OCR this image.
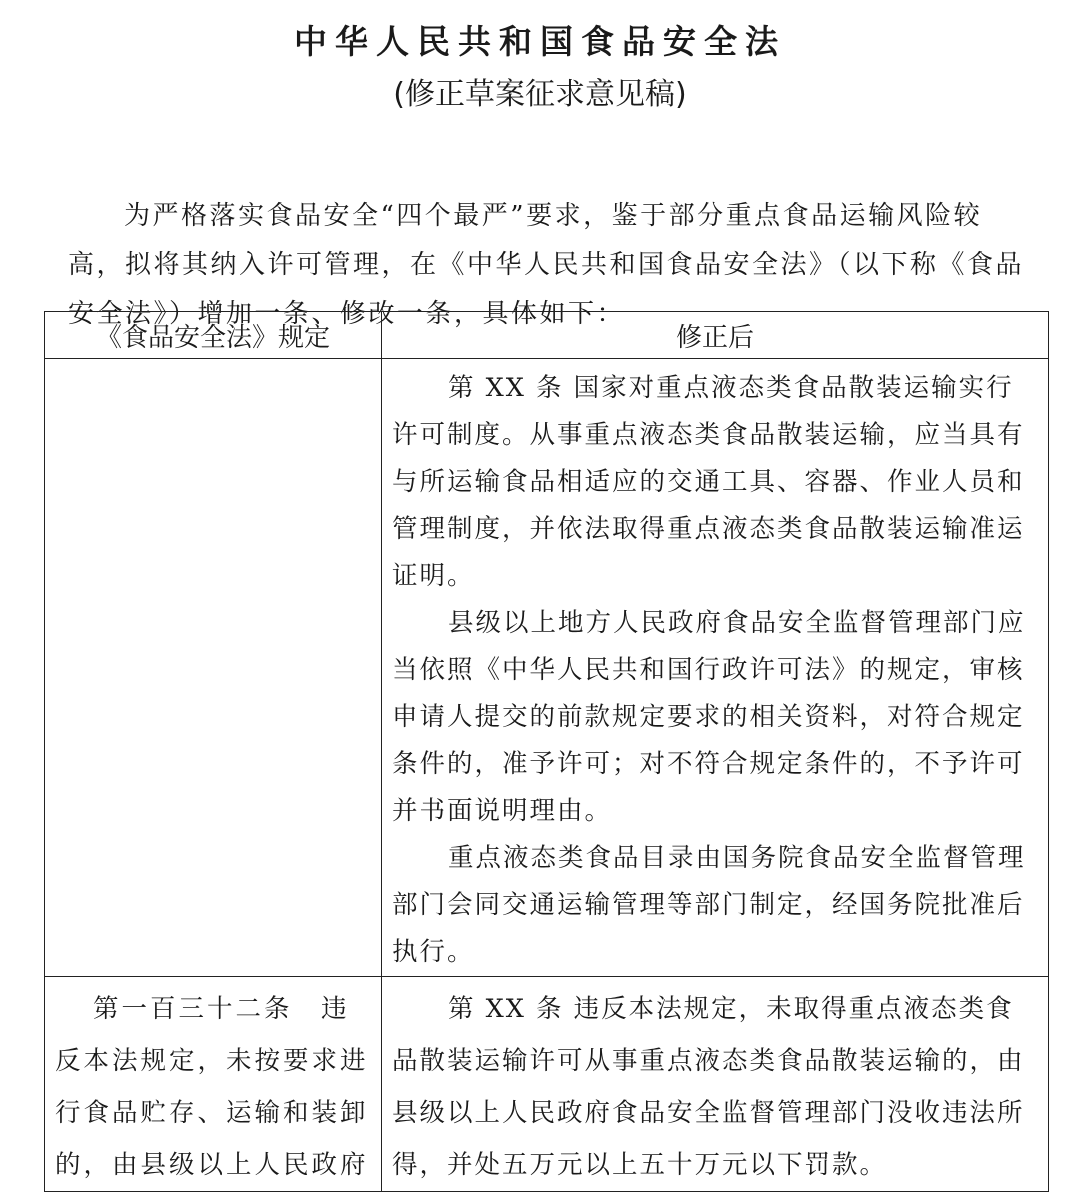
中华人民共和国食品安全法
(修正草案征求意见稿)

为严格落实食品安全“四个最严”要求，鉴于部分重点食品运输风险较高，拟将其纳入许可管理，在《中华人民共和国食品安全法》（以下称《食品安全法》）增加一条、修改一条，具体如下：

《食品安全法》规定	修正后

	第 XX 条 国家对重点液态类食品散装运输实行许可制度。从事重点液态类食品散装运输，应当具有与所运输食品相适应的交通工具、容器、作业人员和管理制度，并依法取得重点液态类食品散装运输准运证明。

县级以上地方人民政府食品安全监督管理部门应当依照《中华人民共和国行政许可法》的规定，审核申请人提交的前款规定要求的相关资料，对符合规定条件的，准予许可；对不符合规定条件的，不予许可并书面说明理由。

重点液态类食品目录由国务院食品安全监督管理部门会同交通运输管理等部门制定，经国务院批准后执行。

第一百三十二条　违反本法规定，未按要求进行食品贮存、运输和装卸的，由县级以上人民政府	第 XX 条 违反本法规定，未取得重点液态类食品散装运输许可从事重点液态类食品散装运输的，由县级以上人民政府食品安全监督管理部门没收违法所得，并处五万元以上五十万元以下罚款。
